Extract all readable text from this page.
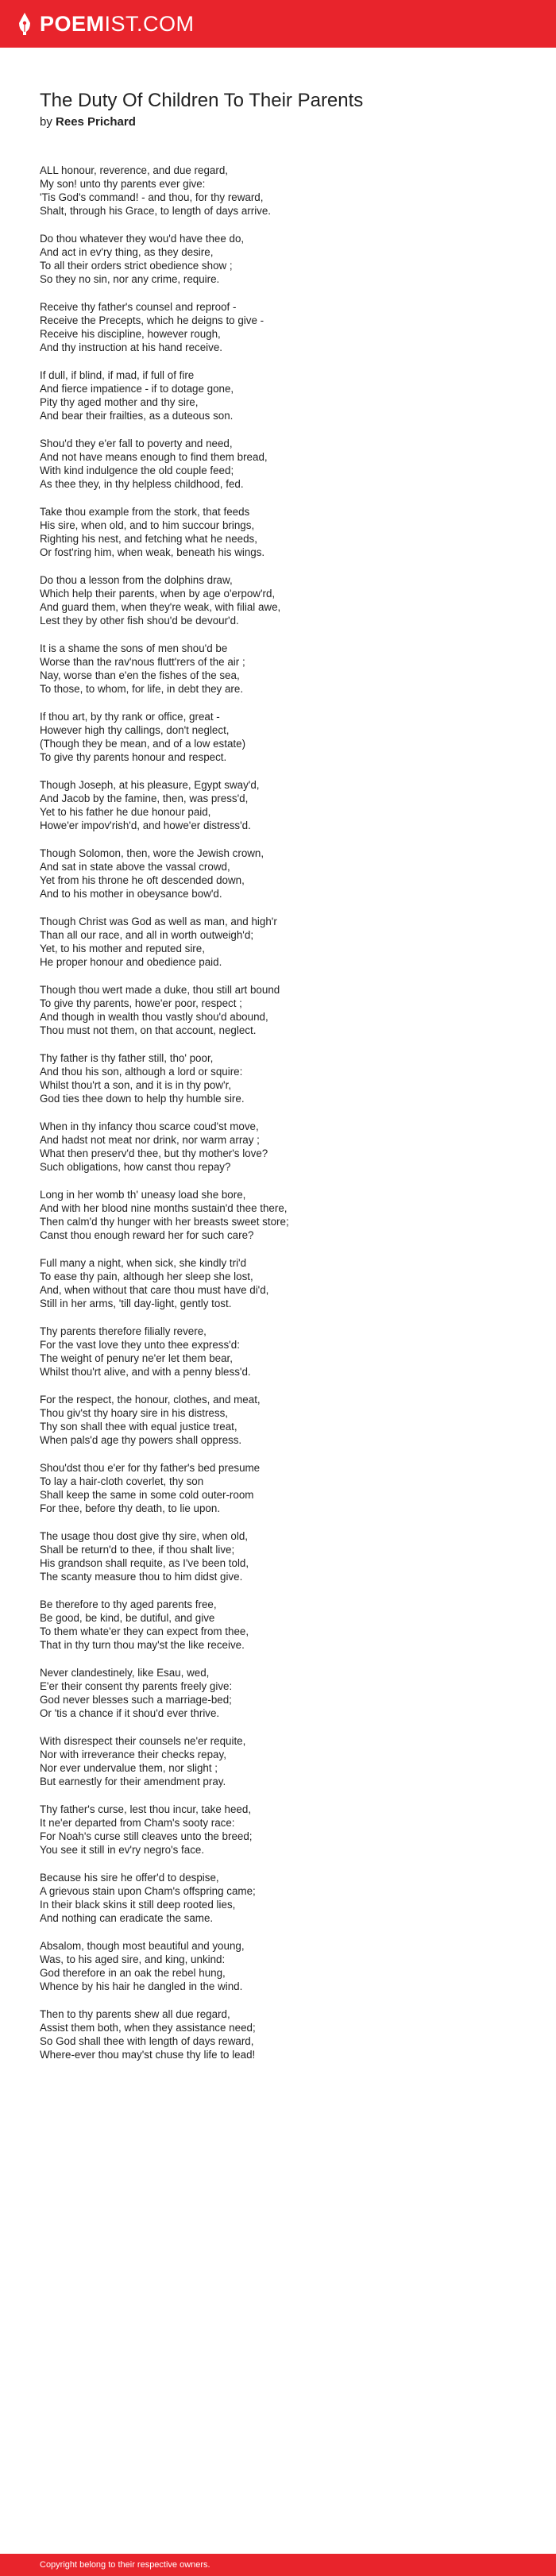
POEM IST.COM
The Duty Of Children To Their Parents
by Rees Prichard
ALL honour, reverence, and due regard,
My son! unto thy parents ever give:
'Tis God's command! - and thou, for thy reward,
Shalt, through his Grace, to length of days arrive.
Do thou whatever they wou'd have thee do,
And act in ev'ry thing, as they desire,
To all their orders strict obedience show ;
So they no sin, nor any crime, require.
Receive thy father's counsel and reproof -
Receive the Precepts, which he deigns to give -
Receive his discipline, however rough,
And thy instruction at his hand receive.
If dull, if blind, if mad, if full of fire
And fierce impatience - if to dotage gone,
Pity thy aged mother and thy sire,
And bear their frailties, as a duteous son.
Shou'd they e'er fall to poverty and need,
And not have means enough to find them bread,
With kind indulgence the old couple feed;
As thee they, in thy helpless childhood, fed.
Take thou example from the stork, that feeds
His sire, when old, and to him succour brings,
Righting his nest, and fetching what he needs,
Or fost'ring him, when weak, beneath his wings.
Do thou a lesson from the dolphins draw,
Which help their parents, when by age o'erpow'rd,
And guard them, when they're weak, with filial awe,
Lest they by other fish shou'd be devour'd.
It is a shame the sons of men shou'd be
Worse than the rav'nous flutt'rers of the air ;
Nay, worse than e'en the fishes of the sea,
To those, to whom, for life, in debt they are.
If thou art, by thy rank or office, great -
However high thy callings, don't neglect,
(Though they be mean, and of a low estate)
To give thy parents honour and respect.
Though Joseph, at his pleasure, Egypt sway'd,
And Jacob by the famine, then, was press'd,
Yet to his father he due honour paid,
Howe'er impov'rish'd, and howe'er distress'd.
Though Solomon, then, wore the Jewish crown,
And sat in state above the vassal crowd,
Yet from his throne he oft descended down,
And to his mother in obeysance bow'd.
Though Christ was God as well as man, and high'r
Than all our race, and all in worth outweigh'd;
Yet, to his mother and reputed sire,
He proper honour and obedience paid.
Though thou wert made a duke, thou still art bound
To give thy parents, howe'er poor, respect ;
And though in wealth thou vastly shou'd abound,
Thou must not them, on that account, neglect.
Thy father is thy father still, tho' poor,
And thou his son, although a lord or squire:
Whilst thou'rt a son, and it is in thy pow'r,
God ties thee down to help thy humble sire.
When in thy infancy thou scarce coud'st move,
And hadst not meat nor drink, nor warm array ;
What then preserv'd thee, but thy mother's love?
Such obligations, how canst thou repay?
Long in her womb th' uneasy load she bore,
And with her blood nine months sustain'd thee there,
Then calm'd thy hunger with her breasts sweet store;
Canst thou enough reward her for such care?
Full many a night, when sick, she kindly tri'd
To ease thy pain, although her sleep she lost,
And, when without that care thou must have di'd,
Still in her arms, 'till day-light, gently tost.
Thy parents therefore filially revere,
For the vast love they unto thee express'd:
The weight of penury ne'er let them bear,
Whilst thou'rt alive, and with a penny bless'd.
For the respect, the honour, clothes, and meat,
Thou giv'st thy hoary sire in his distress,
Thy son shall thee with equal justice treat,
When pals'd age thy powers shall oppress.
Shou'dst thou e'er for thy father's bed presume
To lay a hair-cloth coverlet, thy son
Shall keep the same in some cold outer-room
For thee, before thy death, to lie upon.
The usage thou dost give thy sire, when old,
Shall be return'd to thee, if thou shalt live;
His grandson shall requite, as I've been told,
The scanty measure thou to him didst give.
Be therefore to thy aged parents free,
Be good, be kind, be dutiful, and give
To them whate'er they can expect from thee,
That in thy turn thou may'st the like receive.
Never clandestinely, like Esau, wed,
E'er their consent thy parents freely give:
God never blesses such a marriage-bed;
Or 'tis a chance if it shou'd ever thrive.
With disrespect their counsels ne'er requite,
Nor with irreverance their checks repay,
Nor ever undervalue them, nor slight ;
But earnestly for their amendment pray.
Thy father's curse, lest thou incur, take heed,
It ne'er departed from Cham's sooty race:
For Noah's curse still cleaves unto the breed;
You see it still in ev'ry negro's face.
Because his sire he offer'd to despise,
A grievous stain upon Cham's offspring came;
In their black skins it still deep rooted lies,
And nothing can eradicate the same.
Absalom, though most beautiful and young,
Was, to his aged sire, and king, unkind:
God therefore in an oak the rebel hung,
Whence by his hair he dangled in the wind.
Then to thy parents shew all due regard,
Assist them both, when they assistance need;
So God shall thee with length of days reward,
Where-ever thou may'st chuse thy life to lead!
Copyright belong to their respective owners.
